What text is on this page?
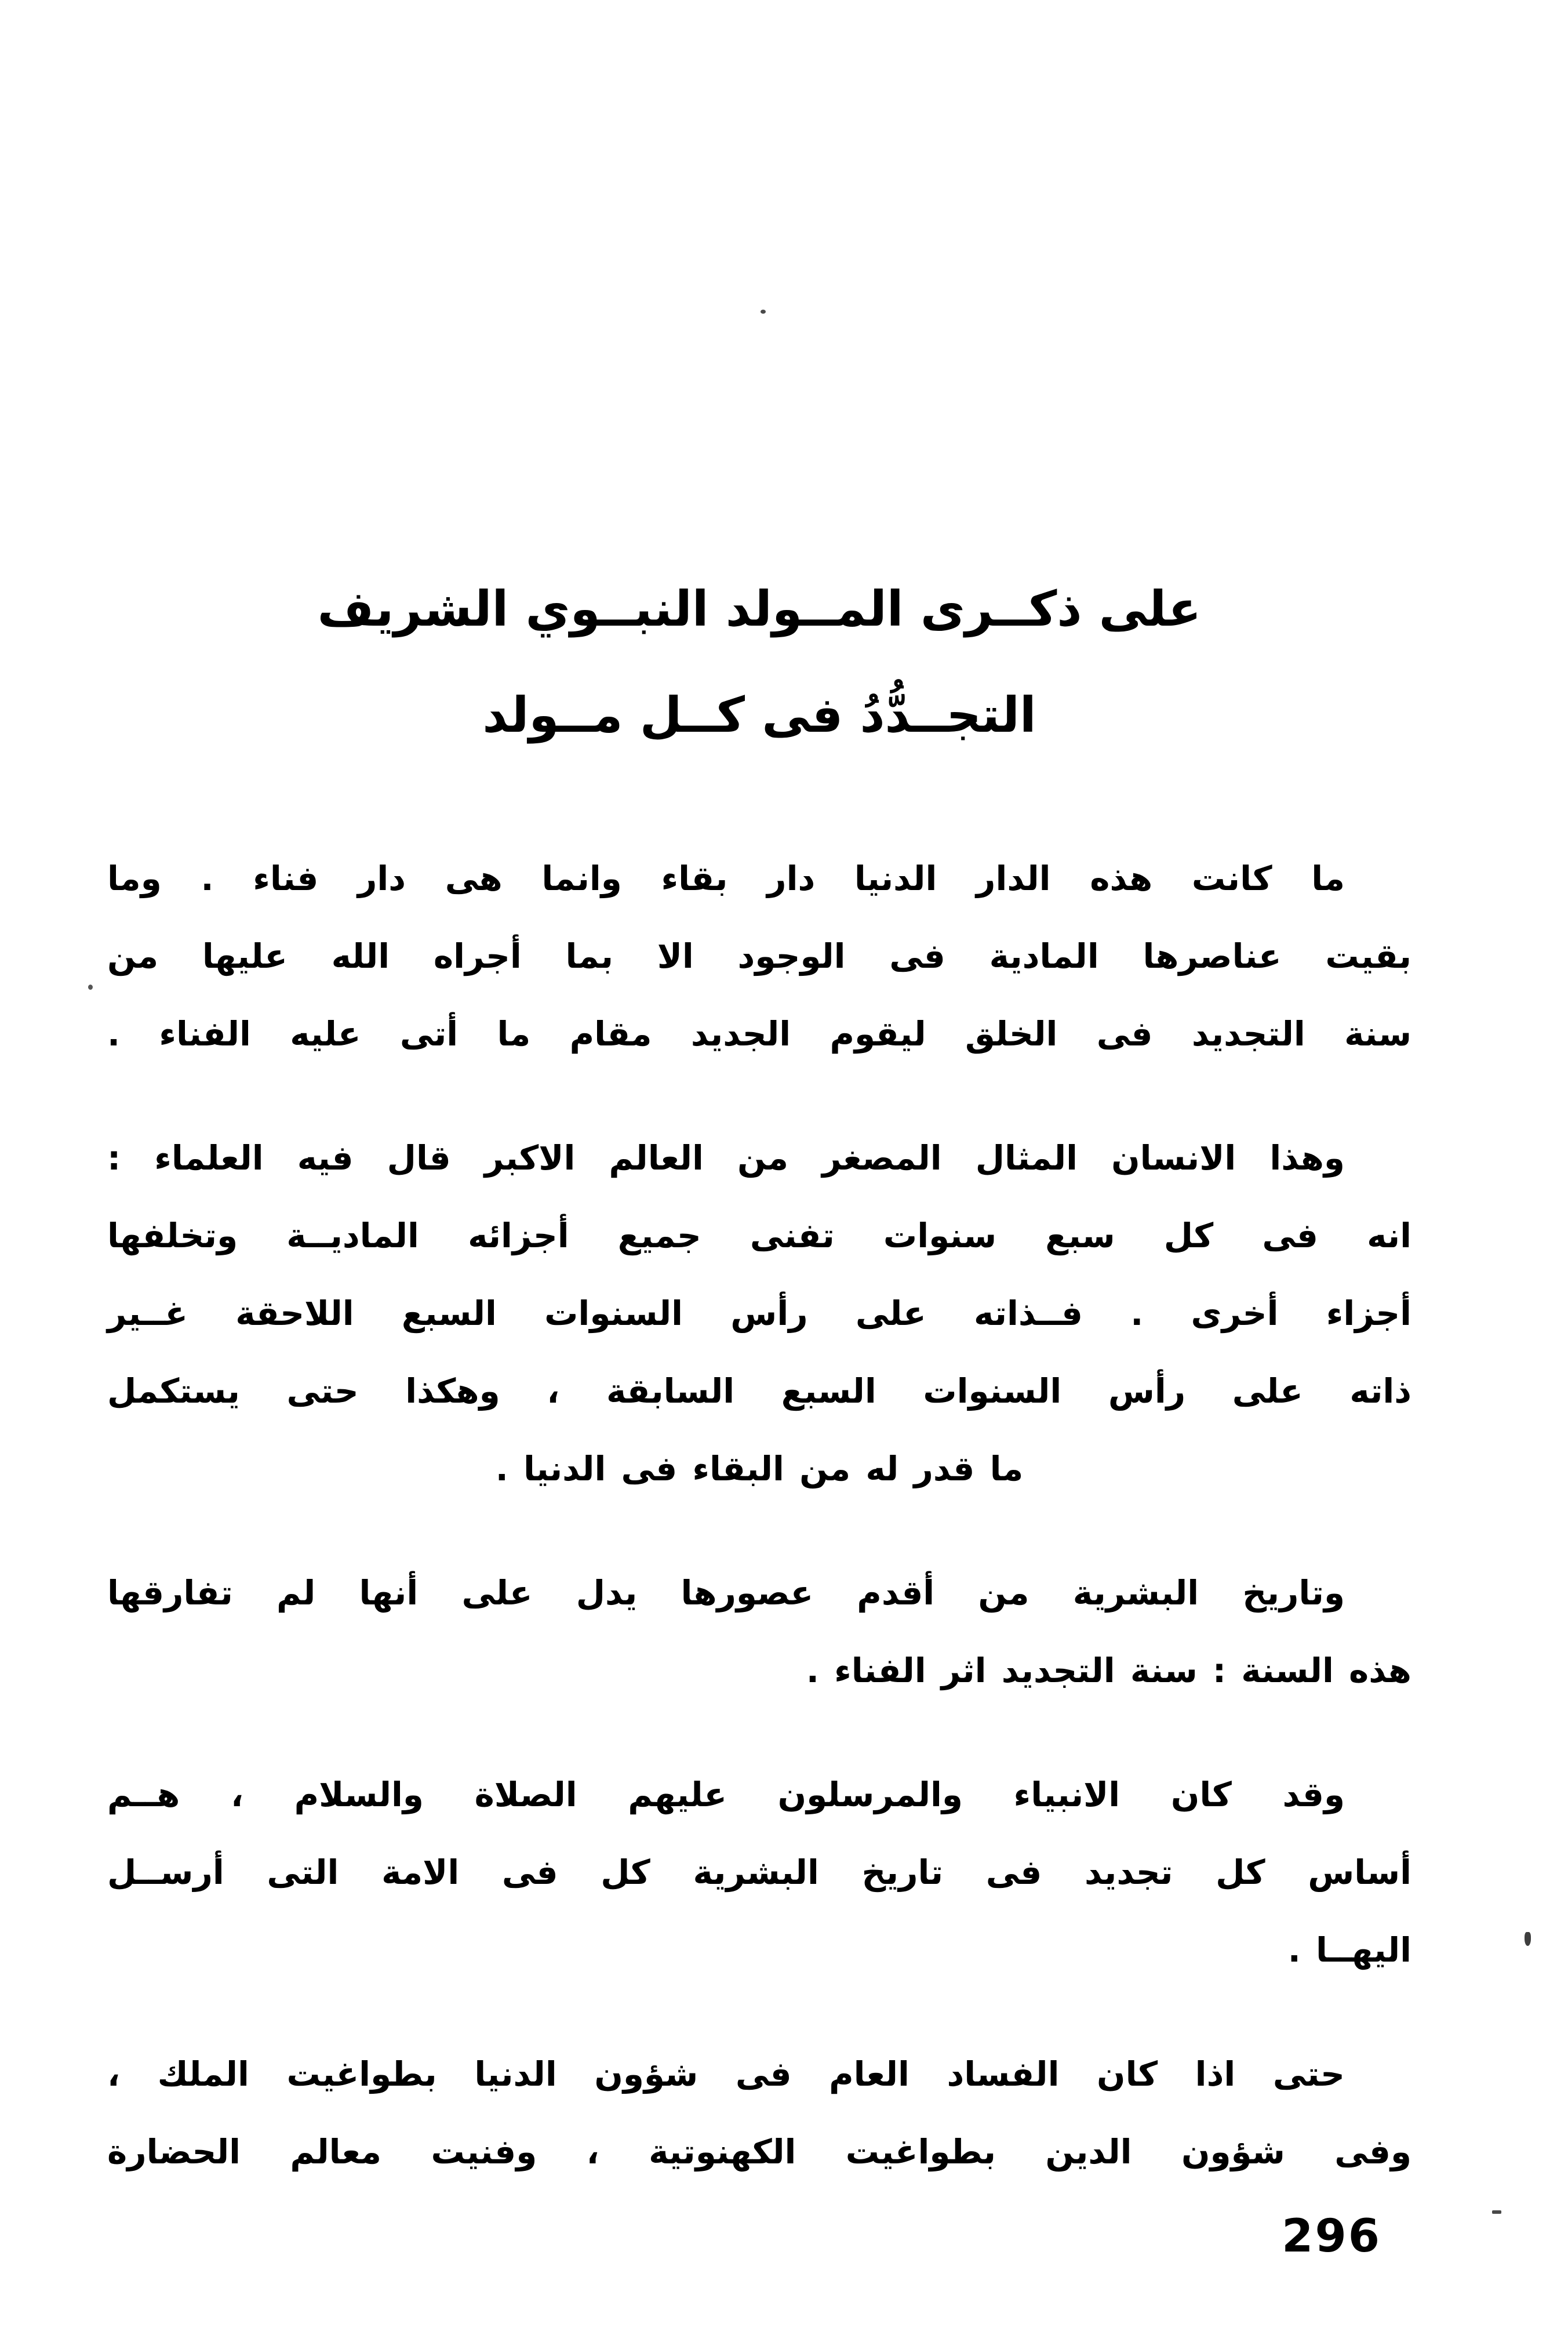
على ذكــرى المــولد النبــوي الشريف
التجــدُّدُ فى كــل مــولد
ما كانت هذه الدار الدنيا دار بقاء وانما هى دار فناء . وما
بقيت عناصرها المادية فى الوجود الا بما أجراه الله عليها من
سنة التجديد فى الخلق ليقوم الجديد مقام ما أتى عليه الفناء .
وهذا الانسان المثال المصغر من العالم الاكبر قال فيه العلماء :
انه فى كل سبع سنوات تفنى جميع أجزائه الماديــة وتخلفها
أجزاء أخرى . فــذاته على رأس السنوات السبع اللاحقة غــير
ذاته على رأس السنوات السبع السابقة ، وهكذا حتى يستكمل
ما قدر له من البقاء فى الدنيا .
وتاريخ البشرية من أقدم عصورها يدل على أنها لم تفارقها
هذه السنة : سنة التجديد اثر الفناء .
وقد كان الانبياء والمرسلون عليهم الصلاة والسلام ، هــم
أساس كل تجديد فى تاريخ البشرية كل فى الامة التى أرســل
اليهــا .
حتى اذا كان الفساد العام فى شؤون الدنيا بطواغيت الملك ،
وفى شؤون الدين بطواغيت الكهنوتية ، وفنيت معالم الحضارة
296
